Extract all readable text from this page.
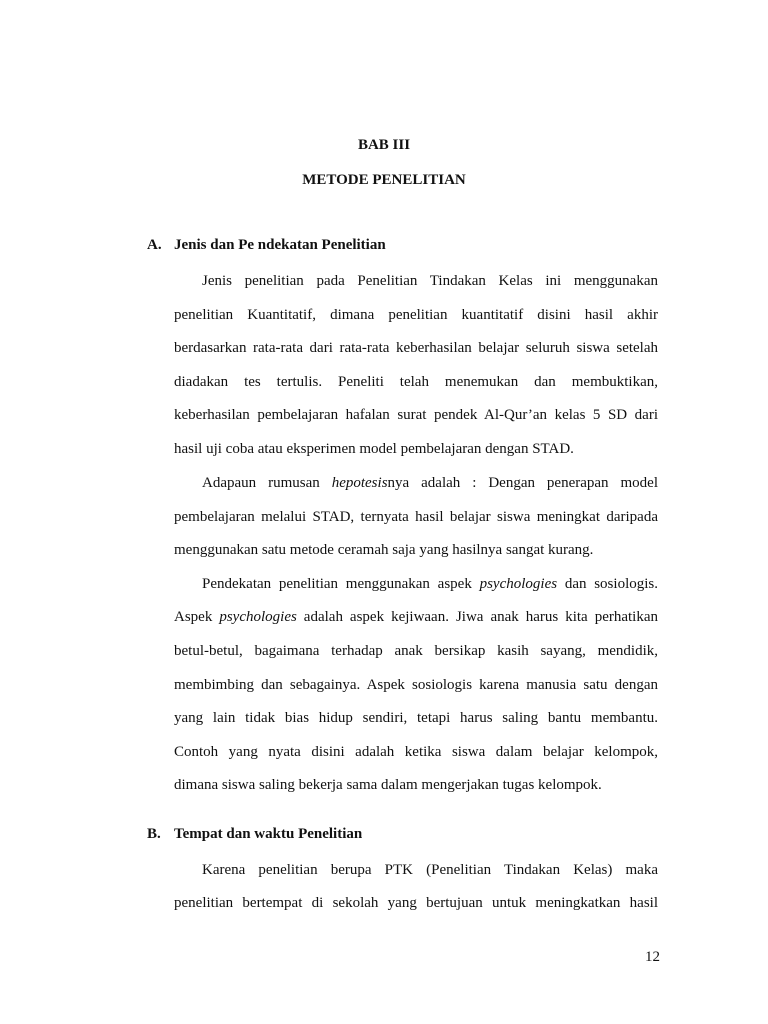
BAB III
METODE PENELITIAN
A. Jenis dan Pe ndekatan Penelitian
Jenis penelitian pada Penelitian Tindakan Kelas ini menggunakan
penelitian Kuantitatif, dimana penelitian kuantitatif disini hasil akhir
berdasarkan rata-rata dari rata-rata keberhasilan belajar seluruh siswa setelah
diadakan tes tertulis. Peneliti telah menemukan dan membuktikan,
keberhasilan pembelajaran hafalan surat pendek Al-Qur’an kelas 5 SD dari
hasil uji coba atau eksperimen model pembelajaran dengan STAD.
Adapaun rumusan hepotesisnya adalah : Dengan penerapan model
pembelajaran melalui STAD, ternyata hasil belajar siswa meningkat daripada
menggunakan satu metode ceramah saja yang hasilnya sangat kurang.
Pendekatan penelitian menggunakan aspek psychologies dan sosiologis.
Aspek psychologies adalah aspek kejiwaan. Jiwa anak harus kita perhatikan
betul-betul, bagaimana terhadap anak bersikap kasih sayang, mendidik,
membimbing dan sebagainya. Aspek sosiologis karena manusia satu dengan
yang lain tidak bias hidup sendiri, tetapi harus saling bantu membantu.
Contoh yang nyata disini adalah ketika siswa dalam belajar kelompok,
dimana siswa saling bekerja sama dalam mengerjakan tugas kelompok.
B. Tempat dan waktu Penelitian
Karena penelitian berupa PTK (Penelitian Tindakan Kelas) maka
penelitian bertempat di sekolah yang bertujuan untuk meningkatkan hasil
12
